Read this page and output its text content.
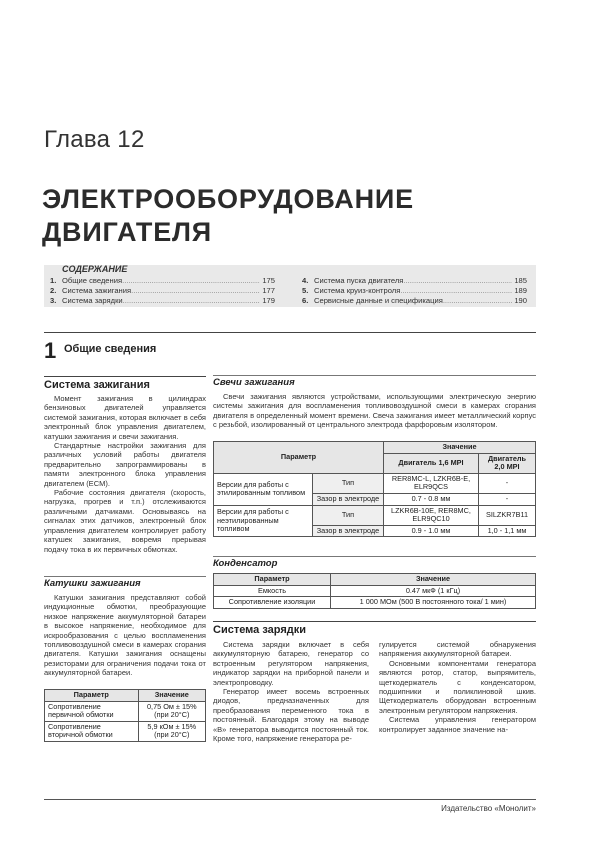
Глава 12
ЭЛЕКТРООБОРУДОВАНИЕ
ДВИГАТЕЛЯ
СОДЕРЖАНИЕ
1. Общие сведения .....	175
2. Система зажигания .....	177
3. Система зарядки .....	179
4. Система пуска двигателя .....	185
5. Система круиз-контроля .....	189
6. Сервисные данные и спецификация .....	190
1 Общие сведения
Система зажигания

Момент зажигания в цилиндрах бензиновых двигателей управляется системой зажигания, которая включает в себя электронный блок управления двигателем, катушки зажигания и свечи зажигания.

Стандартные настройки зажигания для различных условий работы двигателя предварительно запрограммированы в памяти электронного блока управления двигателем (ECM).

Рабочие состояния двигателя (скорость, нагрузка, прогрев и т.п.) отслеживаются различными датчиками. Основываясь на сигналах этих датчиков, электронный блок управления двигателем контролирует работу катушек зажигания, вовремя прерывая подачу тока в их первичных обмотках.

Катушки зажигания

Катушки зажигания представляют собой индукционные обмотки, преобразующие низкое напряжение аккумуляторной батареи в высокое напряжение, необходимое для искрообразования с целью воспламенения топливовоздушной смеси в камерах сгорания двигателя. Катушки зажигания оснащены резисторами для ограничения подачи тока от аккумуляторной батареи.

Параметр	Значение
Сопротивление первичной обмотки	0,75 Ом ± 15% (при 20°С)
Сопротивление вторичной обмотки	5,9 кОм ± 15% (при 20°С)
Свечи зажигания

Свечи зажигания являются устройствами, использующими электрическую энергию системы зажигания для воспламенения топливовоздушной смеси в камерах сгорания двигателя в определенный момент времени. Свеча зажигания имеет металлический корпус с резьбой, изолированный от центрального электрода фарфоровым изолятором.

Параметр		Значение	
		Двигатель 1,6 MPI	Двигатель 2,0 MPI
Версии для работы с этилированным топливом	Тип	RER8MC-L, LZKR6B-E, ELR9QCS	-
	Зазор в электроде	0.7 - 0.8 мм	-
Версии для работы с неэтилированным топливом	Тип	LZKR6B-10E, RER8MC, ELR9QC10	SILZKR7B11
	Зазор в электроде	0.9 - 1.0 мм	1,0 - 1,1 мм
Конденсатор
Параметр	Значение
Емкость	0.47 мкФ (1 кГц)
Сопротивление изоляции	1 000 МОм (500 В постоянного тока/ 1 мин)
Система зарядки

Система зарядки включает в себя аккумуляторную батарею, генератор со встроенным регулятором напряжения, индикатор зарядки на приборной панели и электропроводку.

Генератор имеет восемь встроенных диодов, предназначенных для преобразования переменного тока в постоянный. Благодаря этому на выводе «В» генератора выводится постоянный ток. Кроме того, напряжение генератора ре-

гулируется системой обнаружения напряжения аккумуляторной батареи.

Основными компонентами генератора являются ротор, статор, выпрямитель, щеткодержатель с конденсатором, подшипники и поликлиновой шкив. Щеткодержатель оборудован встроенным электронным регулятором напряжения.

Система управления генератором контролирует заданное значение на-

Издательство «Монолит»
